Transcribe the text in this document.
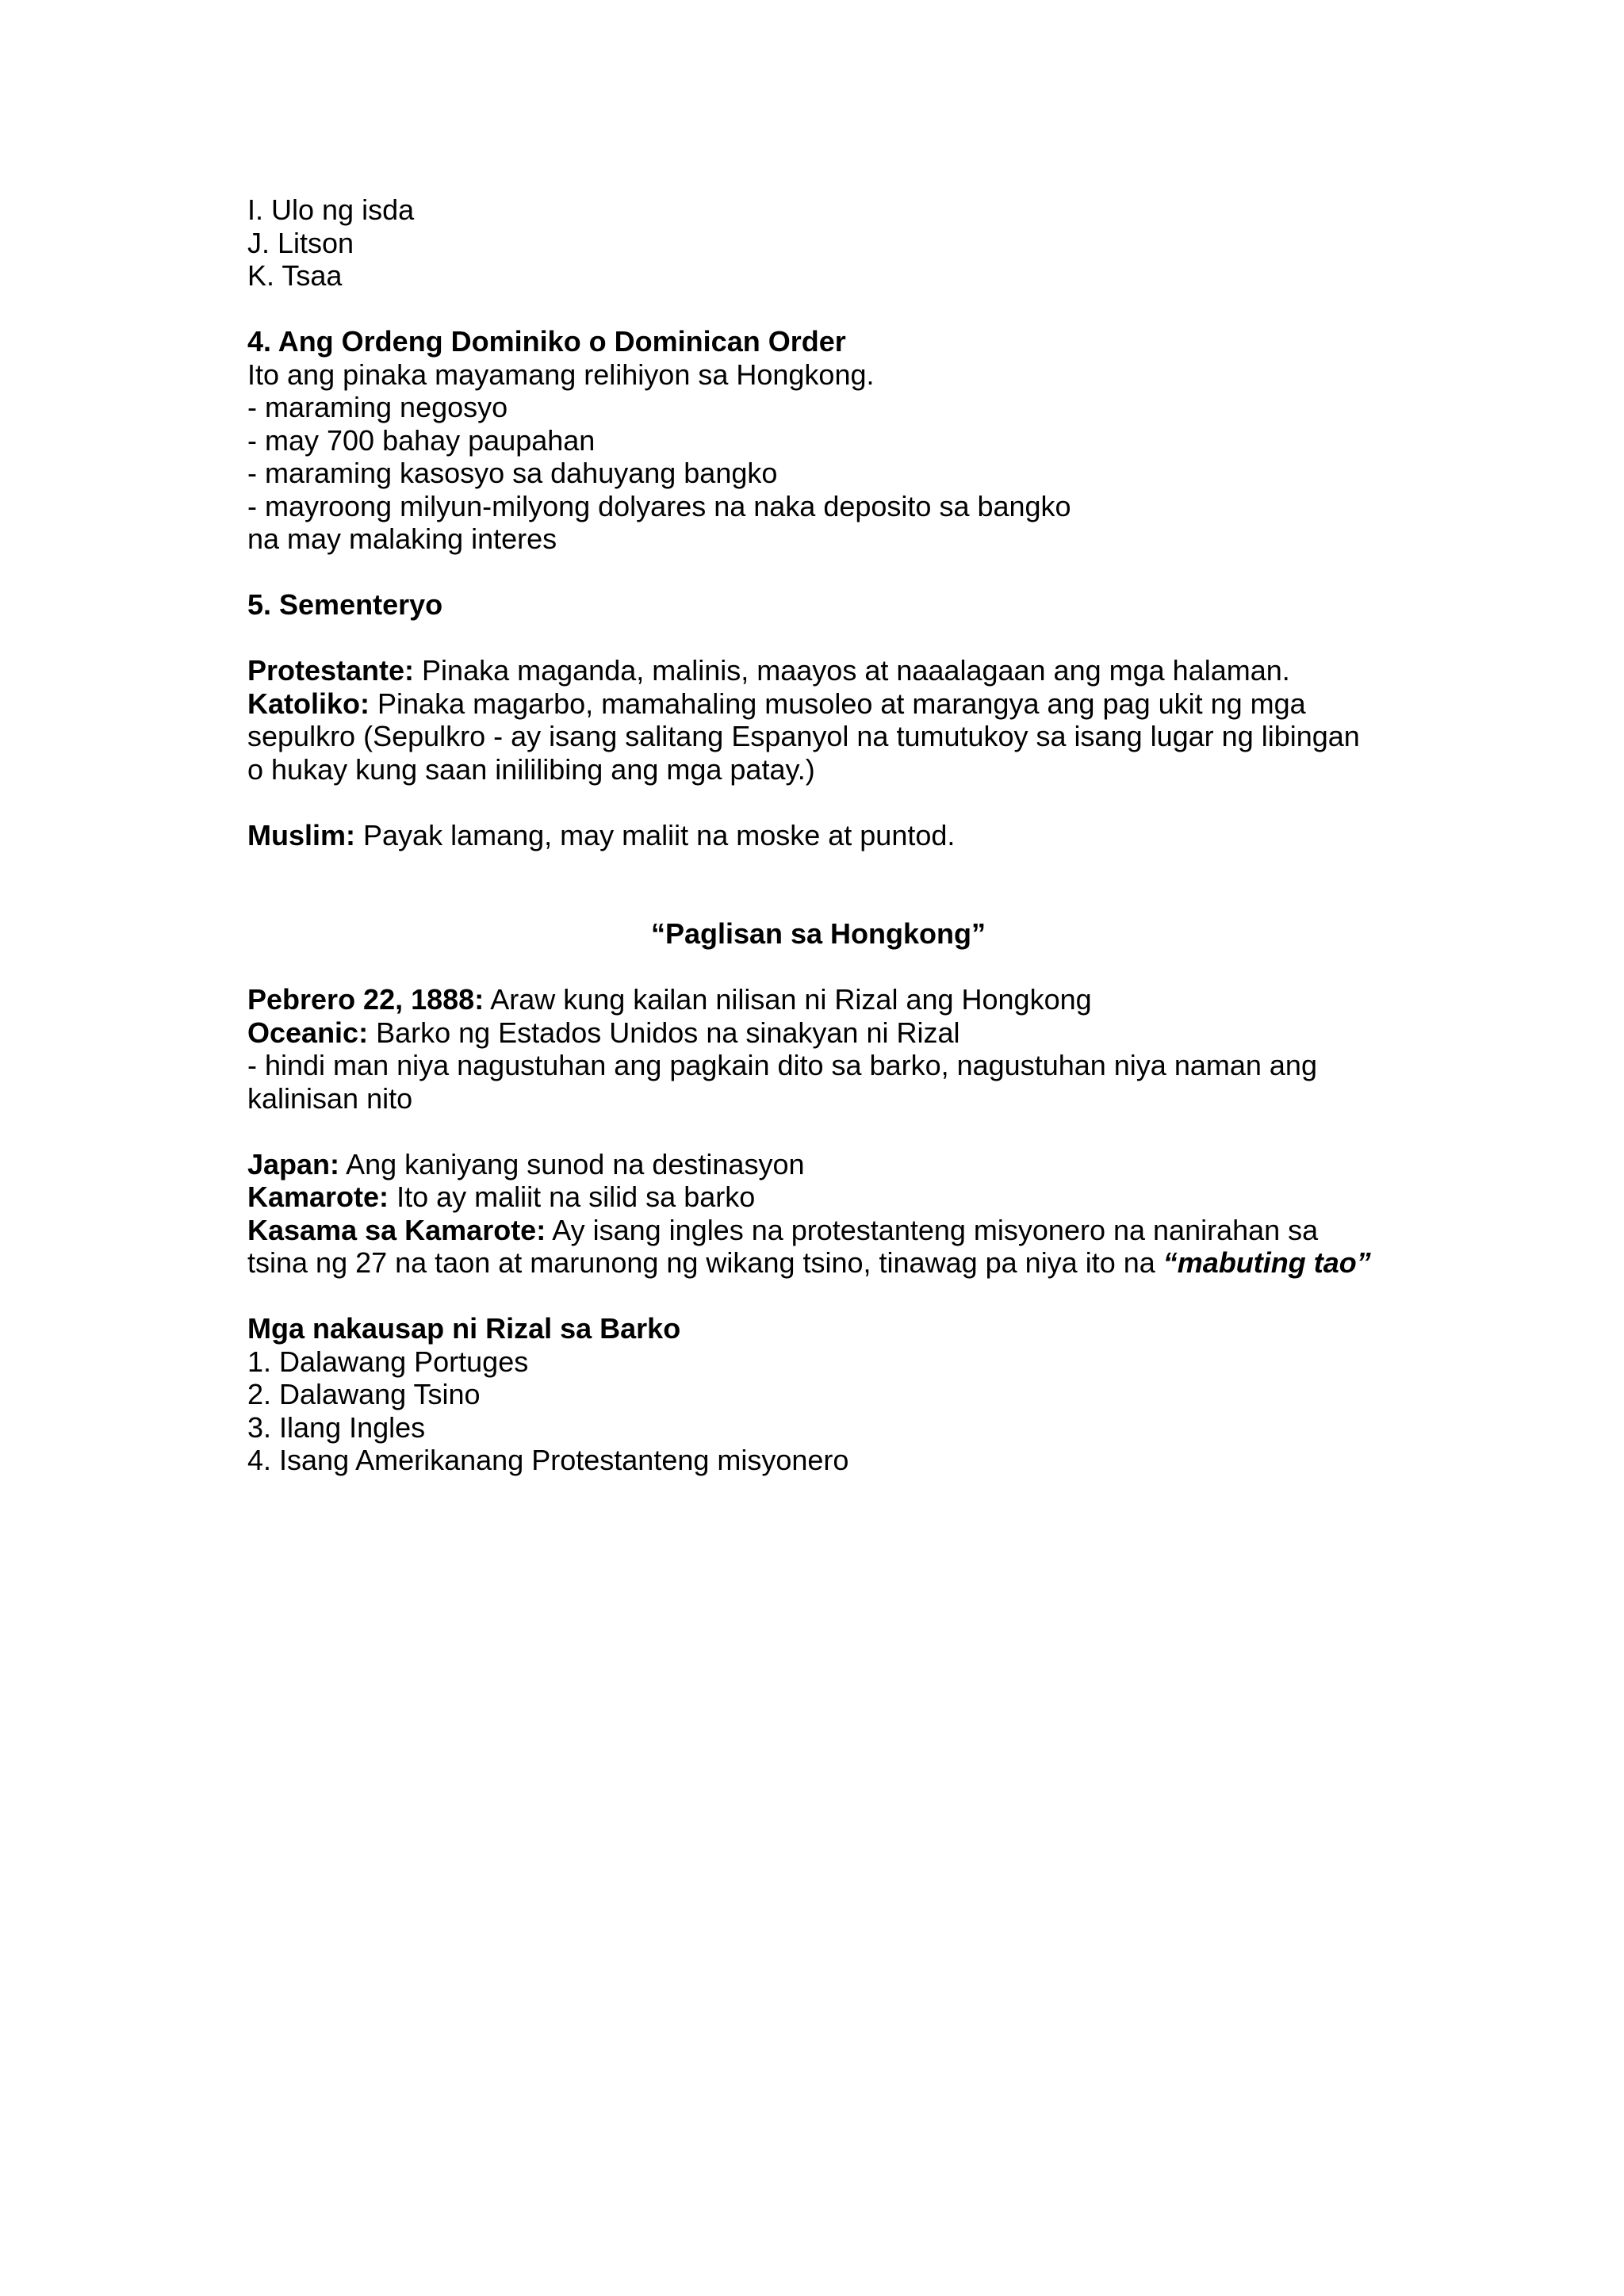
I. Ulo ng isda
J. Litson
K. Tsaa
4. Ang Ordeng Dominiko o Dominican Order
Ito ang pinaka mayamang relihiyon sa Hongkong.
- maraming negosyo
- may 700 bahay paupahan
- maraming kasosyo sa dahuyang bangko
- mayroong milyun-milyong dolyares na naka deposito sa bangko
na may malaking interes
5. Sementeryo
Protestante: Pinaka maganda, malinis, maayos at naaalagaan ang mga halaman.
Katoliko: Pinaka magarbo, mamahaling musoleo at marangya ang pag ukit ng mga
sepulkro (Sepulkro - ay isang salitang Espanyol na tumutukoy sa isang lugar ng libingan
o hukay kung saan inililibing ang mga patay.)
Muslim: Payak lamang, may maliit na moske at puntod.
“Paglisan sa Hongkong”
Pebrero 22, 1888: Araw kung kailan nilisan ni Rizal ang Hongkong
Oceanic: Barko ng Estados Unidos na sinakyan ni Rizal
- hindi man niya nagustuhan ang pagkain dito sa barko, nagustuhan niya naman ang
kalinisan nito
Japan: Ang kaniyang sunod na destinasyon
Kamarote: Ito ay maliit na silid sa barko
Kasama sa Kamarote: Ay isang ingles na protestanteng misyonero na nanirahan sa
tsina ng 27 na taon at marunong ng wikang tsino, tinawag pa niya ito na “mabuting tao”
Mga nakausap ni Rizal sa Barko
1. Dalawang Portuges
2. Dalawang Tsino
3. Ilang Ingles
4. Isang Amerikanang Protestanteng misyonero
